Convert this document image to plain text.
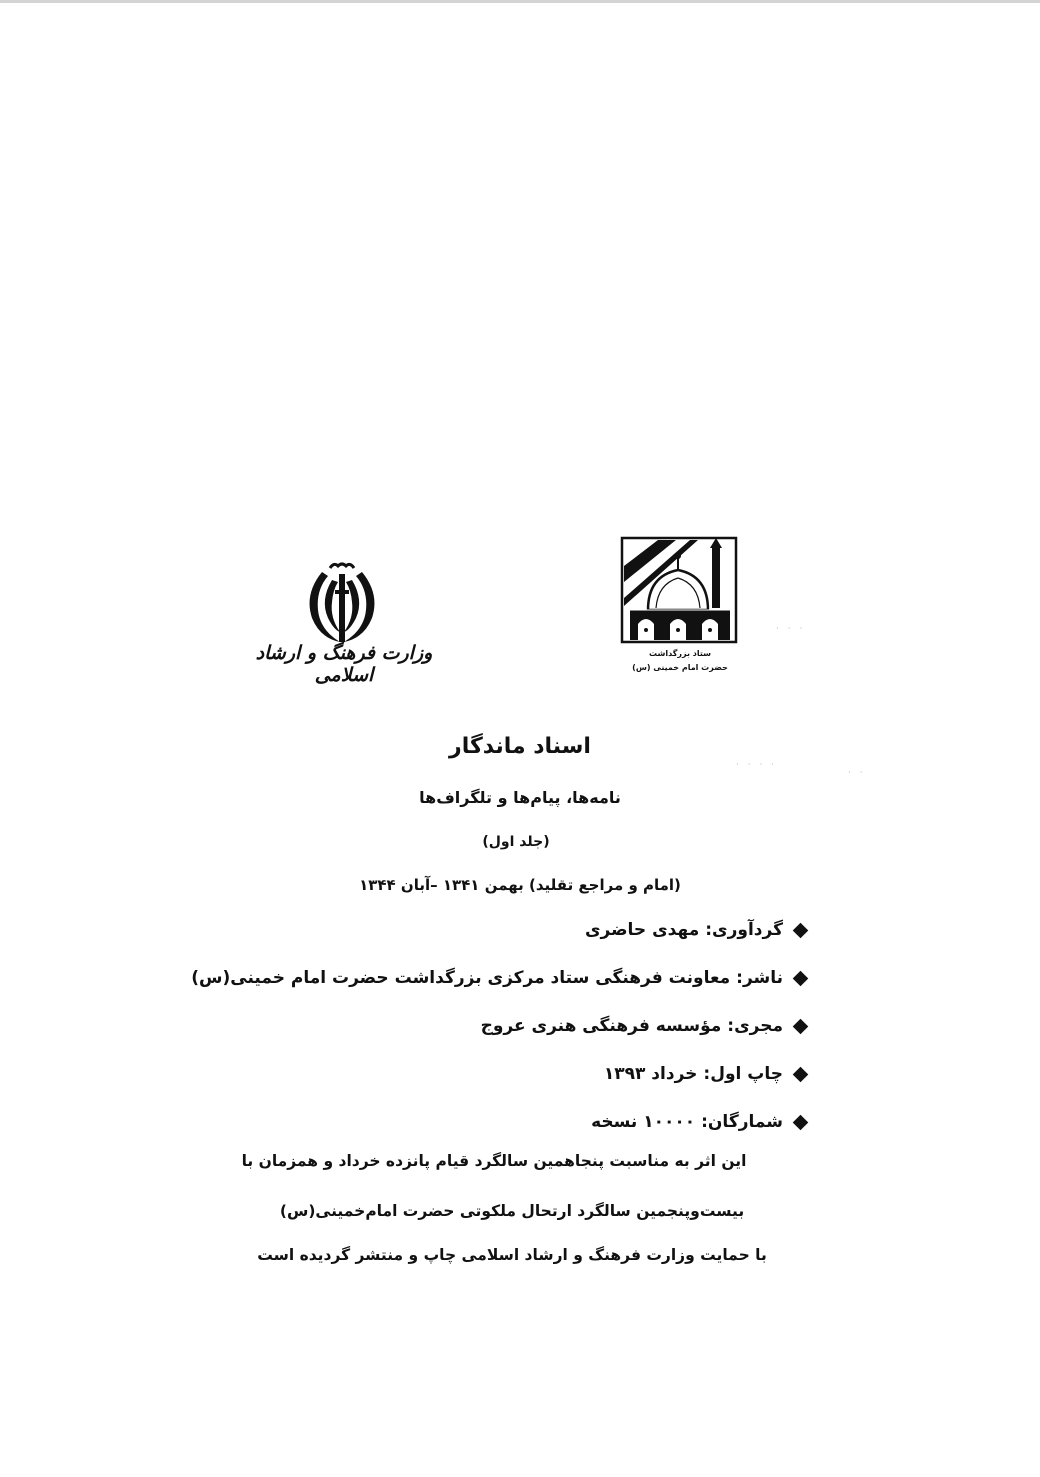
ستاد بزرگداشت
حضرت امام خمینی (س)
وزارت فرهنگ و ارشاد اسلامی
· · ·
· · · ·
· ·
اسناد ماندگار
نامه‌ها، پیام‌ها و تلگراف‌ها
(جلد اول)
(امام و مراجع تقلید) بهمن ۱۳۴۱ –آبان ۱۳۴۴
گردآوری:
مهدی حاضری
ناشر:
معاونت فرهنگی ستاد مرکزی بزرگداشت حضرت امام خمینی(س)
مجری:
مؤسسه فرهنگی هنری عروج
چاپ اول:
خرداد ۱۳۹۳
شمارگان:
۱۰۰۰۰ نسخه
این اثر به مناسبت پنجاهمین سالگرد قیام پانزده خرداد و همزمان با
بیست‌وپنجمین سالگرد ارتحال ملکوتی حضرت امام‌خمینی(س)
با حمایت وزارت فرهنگ و ارشاد اسلامی چاپ و منتشر گردیده است
